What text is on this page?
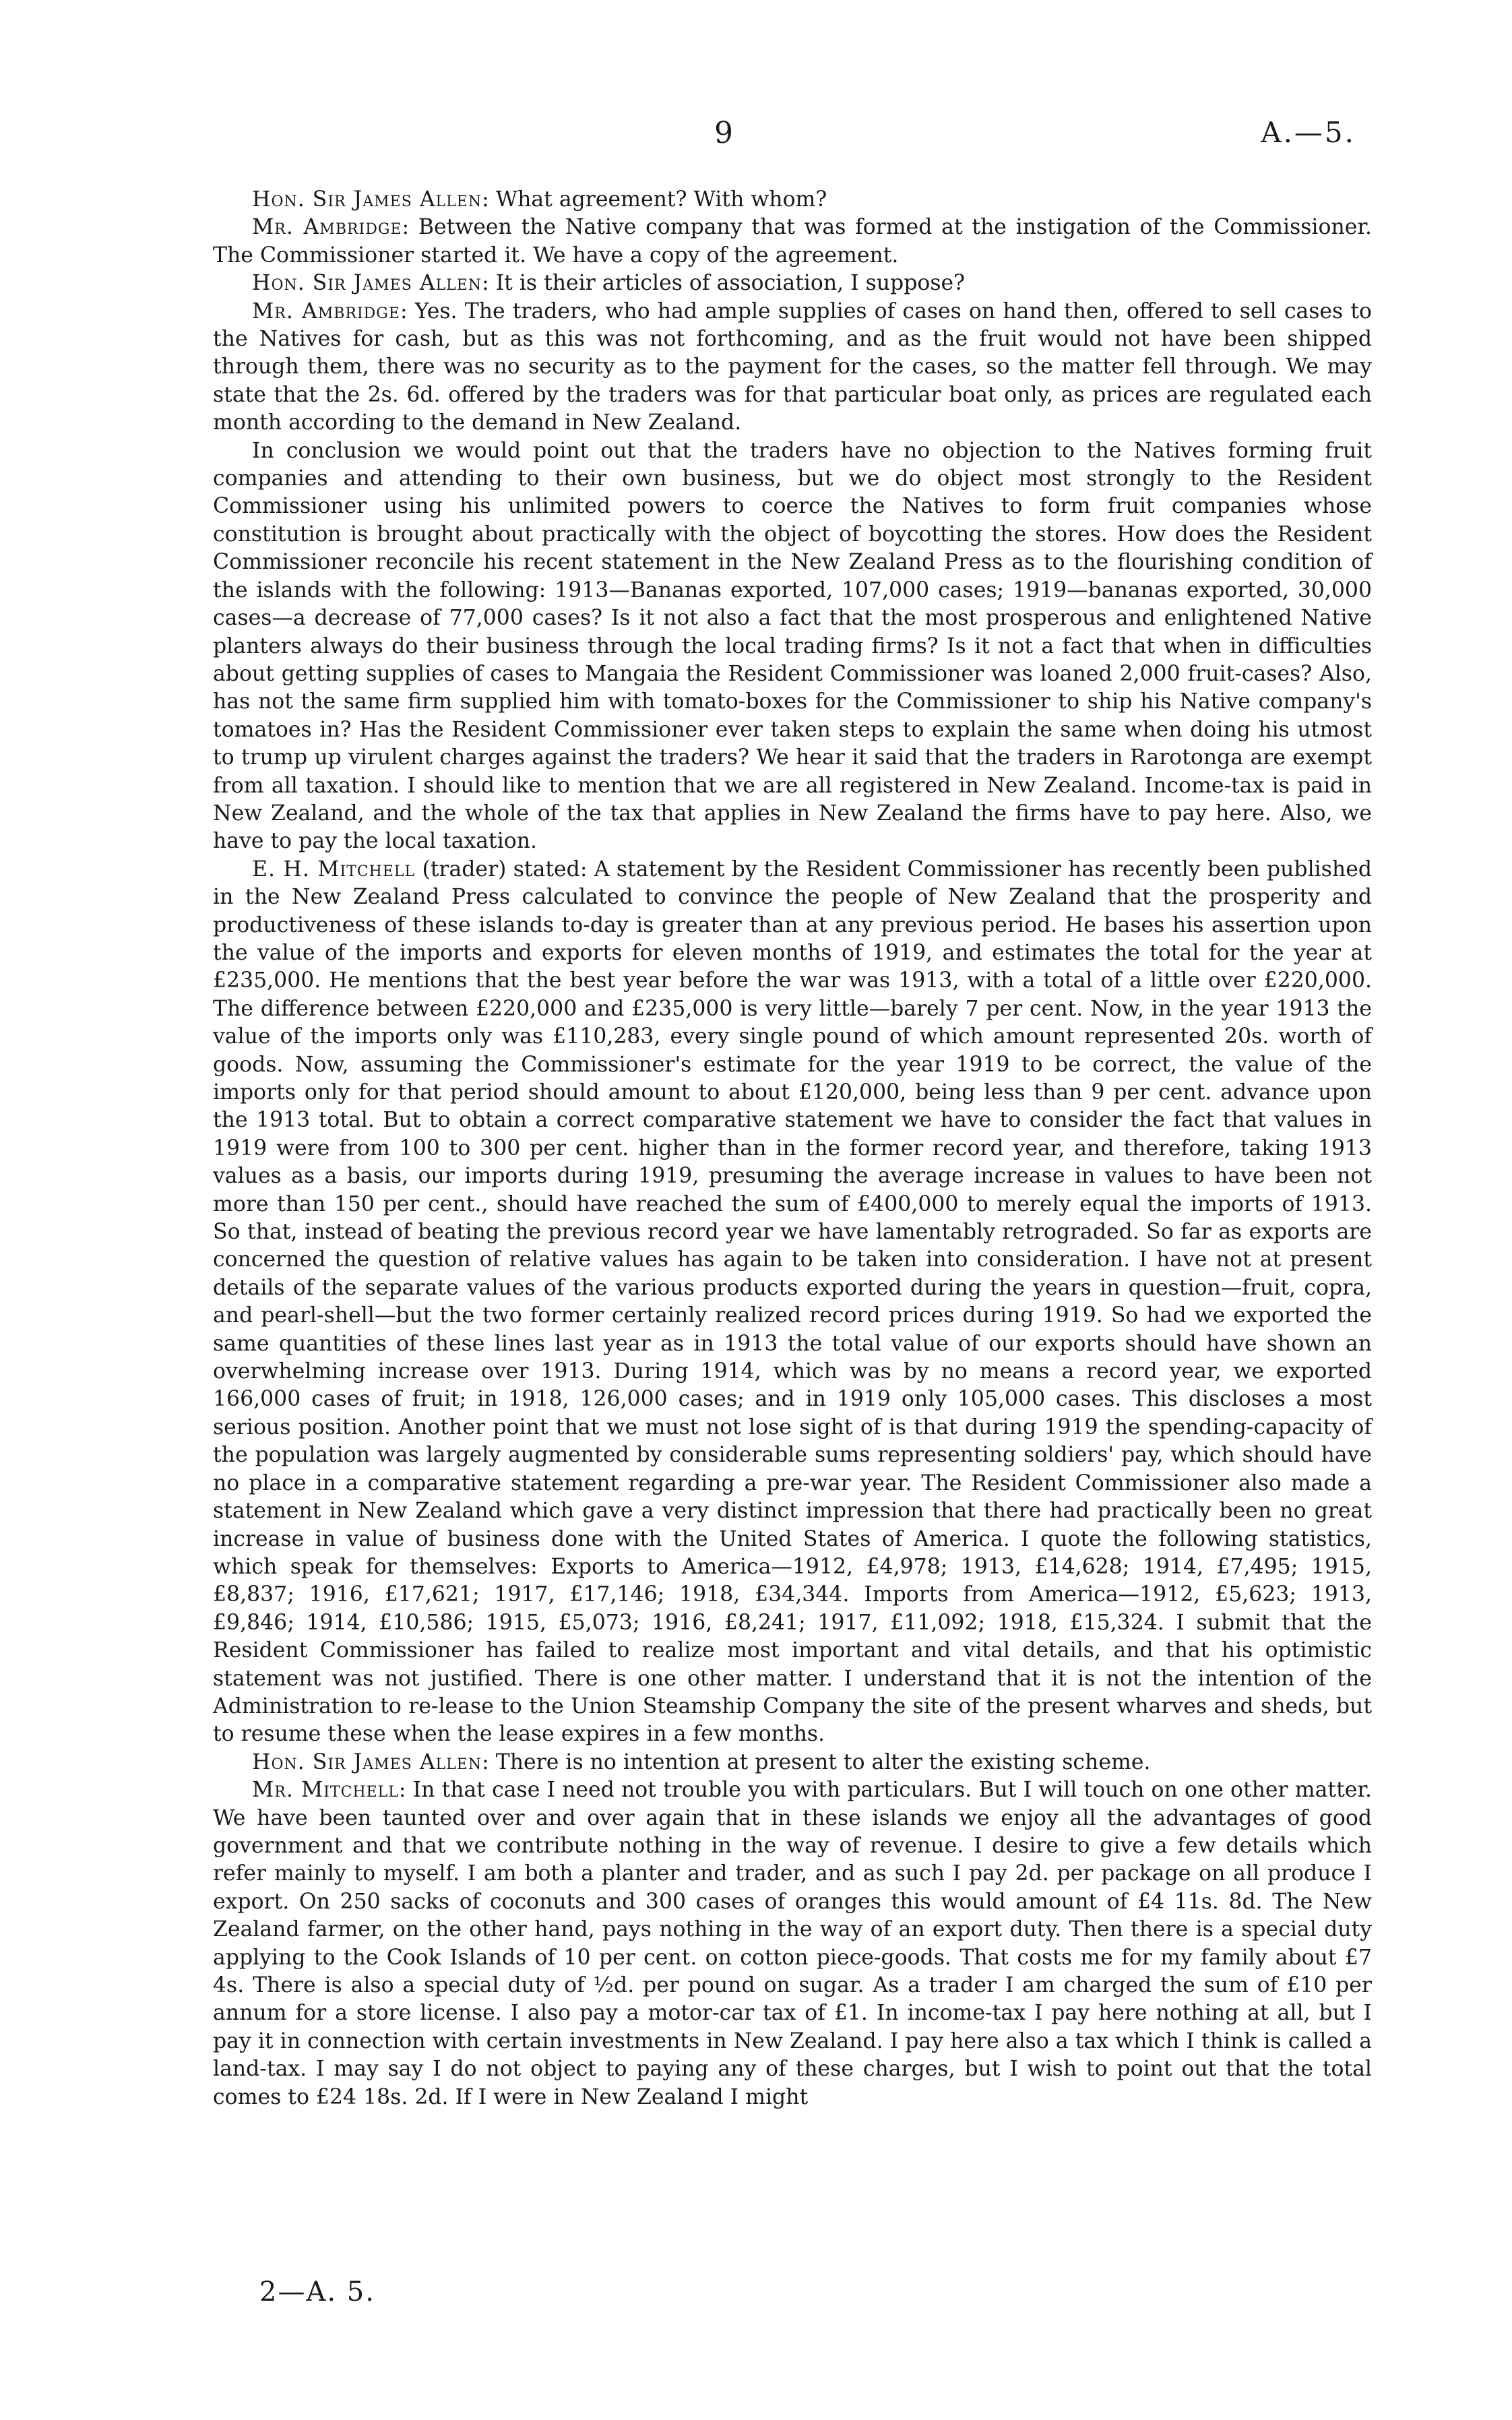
9	A.—5.

Hon. Sir James Allen: What agreement? With whom?

Mr. Ambridge: Between the Native company that was formed at the instigation of the Commissioner. The Commissioner started it. We have a copy of the agreement.

Hon. Sir James Allen: It is their articles of association, I suppose?

Mr. Ambridge: Yes. The traders, who had ample supplies of cases on hand then, offered to sell cases to the Natives for cash, but as this was not forthcoming, and as the fruit would not have been shipped through them, there was no security as to the payment for the cases, so the matter fell through. We may state that the 2s. 6d. offered by the traders was for that particular boat only, as prices are regulated each month according to the demand in New Zealand.

In conclusion we would point out that the traders have no objection to the Natives forming fruit companies and attending to their own business, but we do object most strongly to the Resident Commissioner using his unlimited powers to coerce the Natives to form fruit companies whose constitution is brought about practically with the object of boycotting the stores. How does the Resident Commissioner reconcile his recent statement in the New Zealand Press as to the flourishing condition of the islands with the following: 1913—Bananas exported, 107,000 cases; 1919—bananas exported, 30,000 cases—a decrease of 77,000 cases? Is it not also a fact that the most prosperous and enlightened Native planters always do their business through the local trading firms? Is it not a fact that when in difficulties about getting supplies of cases to Mangaia the Resident Commissioner was loaned 2,000 fruit-cases? Also, has not the same firm supplied him with tomato-boxes for the Commissioner to ship his Native company's tomatoes in? Has the Resident Commissioner ever taken steps to explain the same when doing his utmost to trump up virulent charges against the traders? We hear it said that the traders in Rarotonga are exempt from all taxation. I should like to mention that we are all registered in New Zealand. Income-tax is paid in New Zealand, and the whole of the tax that applies in New Zealand the firms have to pay here. Also, we have to pay the local taxation.

E. H. Mitchell (trader) stated: A statement by the Resident Commissioner has recently been published in the New Zealand Press calculated to convince the people of New Zealand that the prosperity and productiveness of these islands to-day is greater than at any previous period. He bases his assertion upon the value of the imports and exports for eleven months of 1919, and estimates the total for the year at £235,000. He mentions that the best year before the war was 1913, with a total of a little over £220,000. The difference between £220,000 and £235,000 is very little—barely 7 per cent. Now, in the year 1913 the value of the imports only was £110,283, every single pound of which amount represented 20s. worth of goods. Now, assuming the Commissioner's estimate for the year 1919 to be correct, the value of the imports only for that period should amount to about £120,000, being less than 9 per cent. advance upon the 1913 total. But to obtain a correct comparative statement we have to consider the fact that values in 1919 were from 100 to 300 per cent. higher than in the former record year, and therefore, taking 1913 values as a basis, our imports during 1919, presuming the average increase in values to have been not more than 150 per cent., should have reached the sum of £400,000 to merely equal the imports of 1913. So that, instead of beating the previous record year we have lamentably retrograded. So far as exports are concerned the question of relative values has again to be taken into consideration. I have not at present details of the separate values of the various products exported during the years in question—fruit, copra, and pearl-shell—but the two former certainly realized record prices during 1919. So had we exported the same quantities of these lines last year as in 1913 the total value of our exports should have shown an overwhelming increase over 1913. During 1914, which was by no means a record year, we exported 166,000 cases of fruit; in 1918, 126,000 cases; and in 1919 only 105,000 cases. This discloses a most serious position. Another point that we must not lose sight of is that during 1919 the spending-capacity of the population was largely augmented by considerable sums representing soldiers' pay, which should have no place in a comparative statement regarding a pre-war year. The Resident Commissioner also made a statement in New Zealand which gave a very distinct impression that there had practically been no great increase in value of business done with the United States of America. I quote the following statistics, which speak for themselves: Exports to America—1912, £4,978; 1913, £14,628; 1914, £7,495; 1915, £8,837; 1916, £17,621; 1917, £17,146; 1918, £34,344. Imports from America—1912, £5,623; 1913, £9,846; 1914, £10,586; 1915, £5,073; 1916, £8,241; 1917, £11,092; 1918, £15,324. I submit that the Resident Commissioner has failed to realize most important and vital details, and that his optimistic statement was not justified. There is one other matter. I understand that it is not the intention of the Administration to re-lease to the Union Steamship Company the site of the present wharves and sheds, but to resume these when the lease expires in a few months.

Hon. Sir James Allen: There is no intention at present to alter the existing scheme.

Mr. Mitchell: In that case I need not trouble you with particulars. But I will touch on one other matter. We have been taunted over and over again that in these islands we enjoy all the advantages of good government and that we contribute nothing in the way of revenue. I desire to give a few details which refer mainly to myself. I am both a planter and trader, and as such I pay 2d. per package on all produce I export. On 250 sacks of coconuts and 300 cases of oranges this would amount of £4 11s. 8d. The New Zealand farmer, on the other hand, pays nothing in the way of an export duty. Then there is a special duty applying to the Cook Islands of 10 per cent. on cotton piece-goods. That costs me for my family about £7 4s. There is also a special duty of ½d. per pound on sugar. As a trader I am charged the sum of £10 per annum for a store license. I also pay a motor-car tax of £1. In income-tax I pay here nothing at all, but I pay it in connection with certain investments in New Zealand. I pay here also a tax which I think is called a land-tax. I may say I do not object to paying any of these charges, but I wish to point out that the total comes to £24 18s. 2d. If I were in New Zealand I might

2—A. 5.
